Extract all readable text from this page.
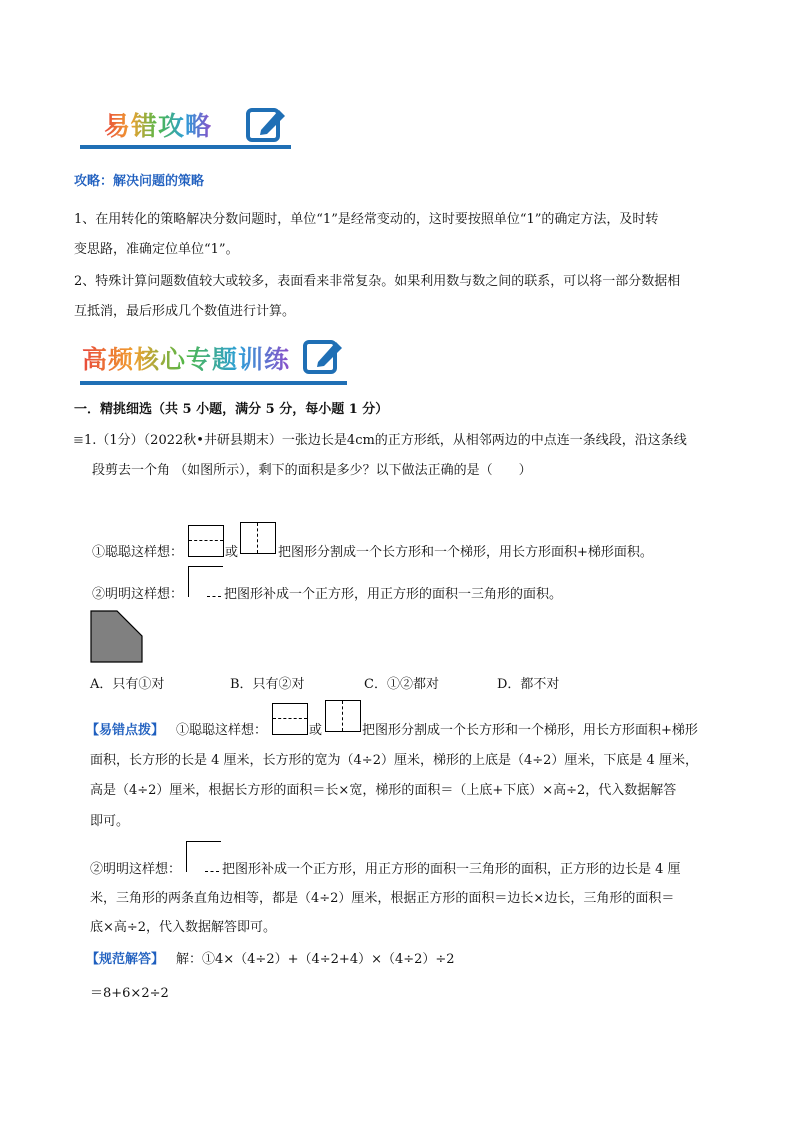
易错攻略
攻略：解决问题的策略
1、在用转化的策略解决分数问题时，单位“1”是经常变动的，这时要按照单位“1”的确定方法，及时转
变思路，准确定位单位“1”。
2、特殊计算问题数值较大或较多，表面看来非常复杂。如果利用数与数之间的联系，可以将一部分数据相
互抵消，最后形成几个数值进行计算。
高频核心专题训练
一．精挑细选（共 5 小题，满分 5 分，每小题 1 分）
≡ 1.（1分）（2022秋•井研县期末）一张边长是4cm的正方形纸，从相邻两边的中点连一条线段，沿这条线
段剪去一个角 （如图所示），剩下的面积是多少？以下做法正确的是（　　）
①聪聪这样想：	或	把图形分割成一个长方形和一个梯形，用长方形面积+梯形面积。
②明明这样想：	把图形补成一个正方形，用正方形的面积一三角形的面积。
A．只有①对	B．只有②对	C．①②都对	D．都不对
【易错点拨】 ①聪聪这样想：	或	把图形分割成一个长方形和一个梯形，用长方形面积+梯形
面积，长方形的长是 4 厘米，长方形的宽为（4÷2）厘米，梯形的上底是（4÷2）厘米，下底是 4 厘米，
高是（4÷2）厘米，根据长方形的面积＝长×宽，梯形的面积＝（上底+下底）×高÷2，代入数据解答
即可。
②明明这样想：	把图形补成一个正方形，用正方形的面积一三角形的面积，正方形的边长是 4 厘
米，三角形的两条直角边相等，都是（4÷2）厘米，根据正方形的面积＝边长×边长，三角形的面积＝
底×高÷2，代入数据解答即可。
【规范解答】 解：①4×（4÷2）+（4÷2+4）×（4÷2）÷2
＝8+6×2÷2
